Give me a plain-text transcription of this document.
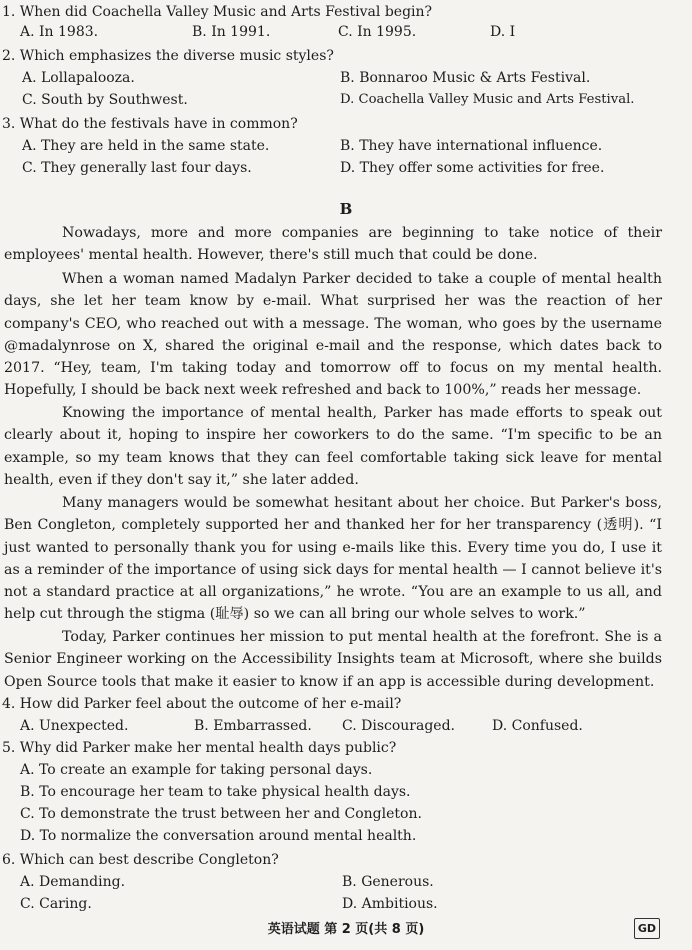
1. When did Coachella Valley Music and Arts Festival begin?
A. In 1983.	B. In 1991.	C. In 1995.	D. I
2. Which emphasizes the diverse music styles?
A. Lollapalooza.	B. Bonnaroo Music & Arts Festival.
C. South by Southwest.	D. Coachella Valley Music and Arts Festival.
3. What do the festivals have in common?
A. They are held in the same state.	B. They have international influence.
C. They generally last four days.	D. They offer some activities for free.
B

Nowadays, more and more companies are beginning to take notice of their employees' mental health. However, there's still much that could be done.

When a woman named Madalyn Parker decided to take a couple of mental health days, she let her team know by e-mail. What surprised her was the reaction of her company's CEO, who reached out with a message. The woman, who goes by the username @madalynrose on X, shared the original e-mail and the response, which dates back to 2017. “Hey, team, I'm taking today and tomorrow off to focus on my mental health. Hopefully, I should be back next week refreshed and back to 100%,” reads her message.

Knowing the importance of mental health, Parker has made efforts to speak out clearly about it, hoping to inspire her coworkers to do the same. “I'm specific to be an example, so my team knows that they can feel comfortable taking sick leave for mental health, even if they don't say it,” she later added.

Many managers would be somewhat hesitant about her choice. But Parker's boss, Ben Congleton, completely supported her and thanked her for her transparency (透明). “I just wanted to personally thank you for using e-mails like this. Every time you do, I use it as a reminder of the importance of using sick days for mental health — I cannot believe it's not a standard practice at all organizations,” he wrote. “You are an example to us all, and help cut through the stigma (耻辱) so we can all bring our whole selves to work.”

Today, Parker continues her mission to put mental health at the forefront. She is a Senior Engineer working on the Accessibility Insights team at Microsoft, where she builds Open Source tools that make it easier to know if an app is accessible during development.

4. How did Parker feel about the outcome of her e-mail?
A. Unexpected.	B. Embarrassed. C. Discouraged.	D. Confused.
5. Why did Parker make her mental health days public?
A. To create an example for taking personal days.
B. To encourage her team to take physical health days.
C. To demonstrate the trust between her and Congleton.
D. To normalize the conversation around mental health.
6. Which can best describe Congleton?
A. Demanding.	B. Generous.
C. Caring.	D. Ambitious.
英语试题 第 2 页(共 8 页)	GD
